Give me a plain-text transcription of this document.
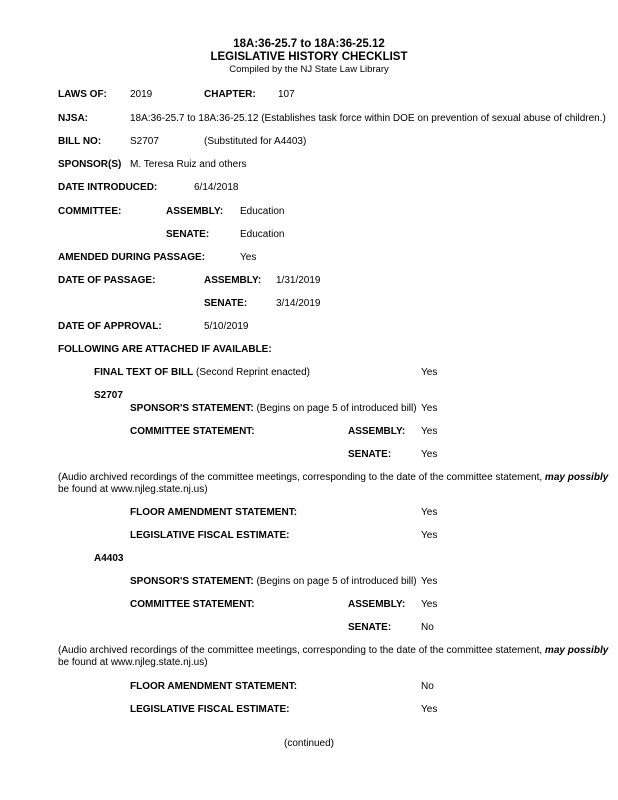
18A:36-25.7 to 18A:36-25.12
LEGISLATIVE HISTORY CHECKLIST
Compiled by the NJ State Law Library
LAWS OF: 2019	CHAPTER: 107
NJSA:	18A:36-25.7 to 18A:36-25.12 (Establishes task force within DOE on prevention of sexual abuse of children.)
BILL NO:	S2707	(Substituted for A4403)
SPONSOR(S) M. Teresa Ruiz and others
DATE INTRODUCED:	6/14/2018
COMMITTEE:	ASSEMBLY: Education
SENATE:	Education
AMENDED DURING PASSAGE:	Yes
DATE OF PASSAGE:	ASSEMBLY: 1/31/2019
SENATE:	3/14/2019
DATE OF APPROVAL:	5/10/2019
FOLLOWING ARE ATTACHED IF AVAILABLE:
FINAL TEXT OF BILL (Second Reprint enacted)	Yes
S2707
SPONSOR'S STATEMENT: (Begins on page 5 of introduced bill) Yes
COMMITTEE STATEMENT:	ASSEMBLY: Yes
SENATE:	Yes
(Audio archived recordings of the committee meetings, corresponding to the date of the committee statement, may possibly
be found at www.njleg.state.nj.us)
FLOOR AMENDMENT STATEMENT:	Yes
LEGISLATIVE FISCAL ESTIMATE:	Yes
A4403
SPONSOR'S STATEMENT: (Begins on page 5 of introduced bill) Yes
COMMITTEE STATEMENT:	ASSEMBLY: Yes
SENATE:	No
(Audio archived recordings of the committee meetings, corresponding to the date of the committee statement, may possibly
be found at www.njleg.state.nj.us)
FLOOR AMENDMENT STATEMENT:	No
LEGISLATIVE FISCAL ESTIMATE:	Yes
(continued)
